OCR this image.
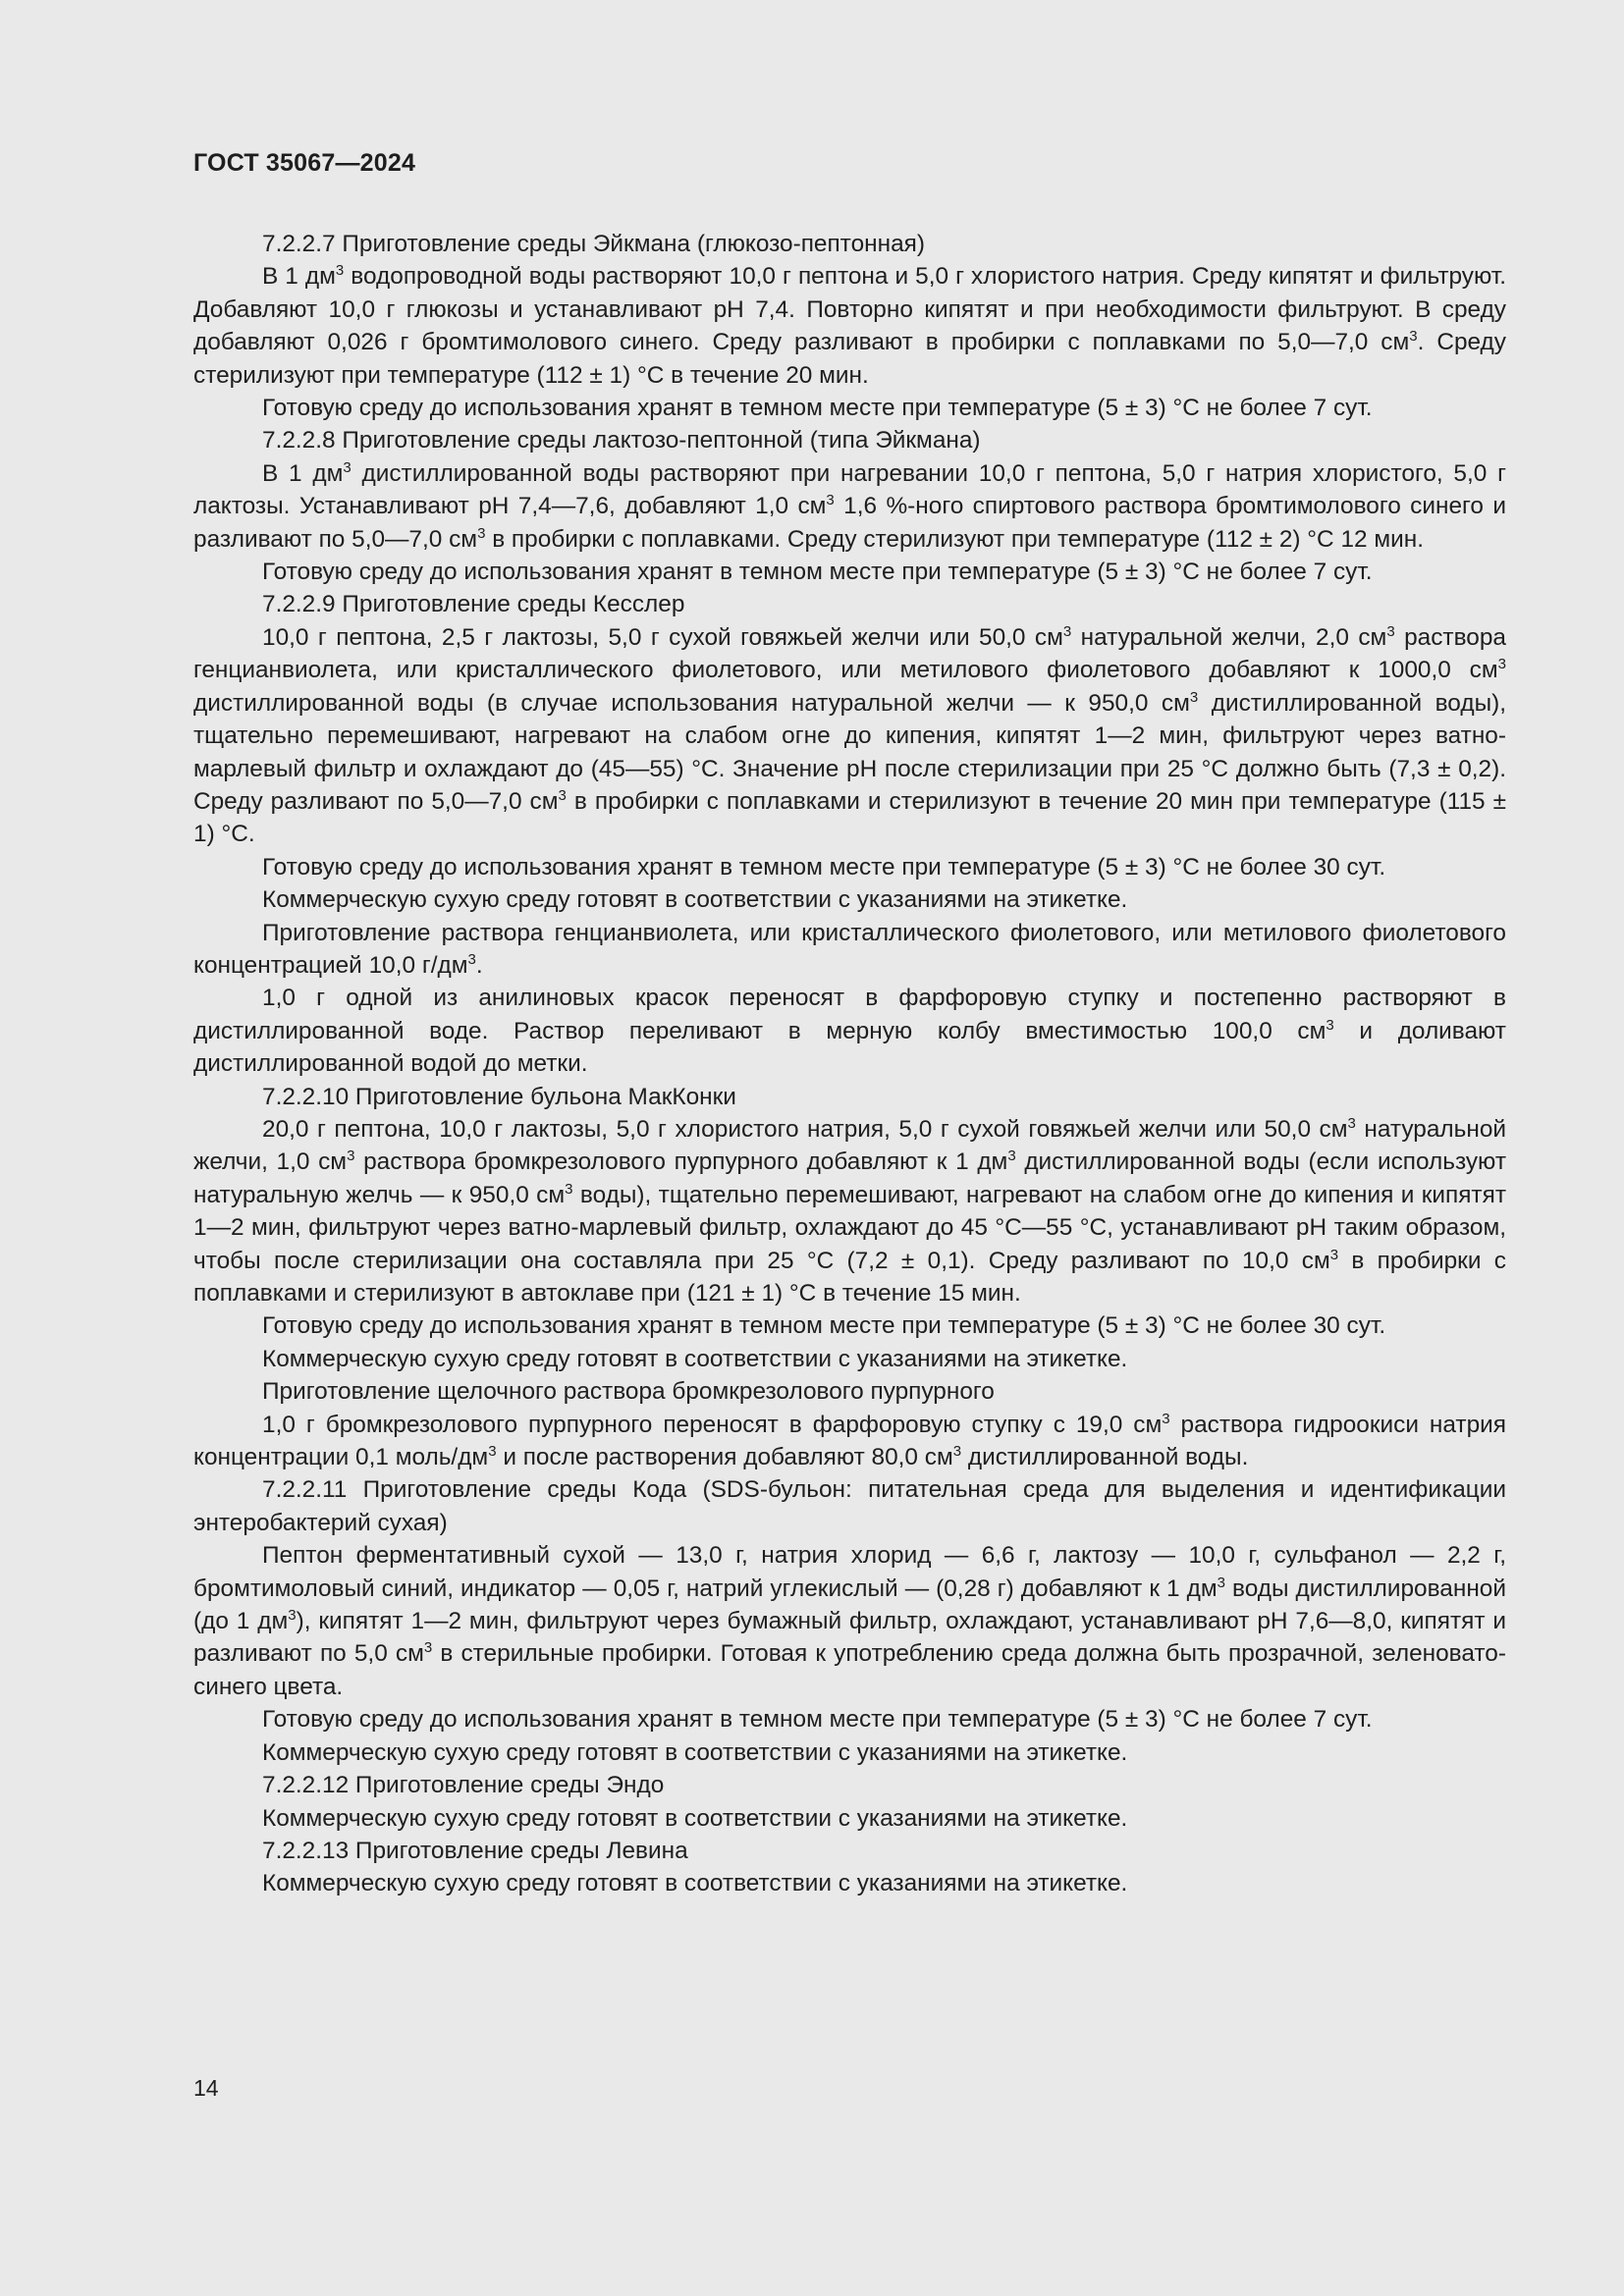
ГОСТ 35067—2024

7.2.2.7 Приготовление среды Эйкмана (глюкозо-пептонная)

В 1 $дм^3$ водопроводной воды растворяют 10,0 г пептона и 5,0 г хлористого натрия. Среду кипятят и фильтруют. Добавляют 10,0 г глюкозы и устанавливают рН 7,4. Повторно кипятят и при необходимости фильтруют. В среду добавляют 0,026 г бромтимолового синего. Среду разливают в пробирки с поплавками по 5,0—7,0 $см^3$. Среду стерилизуют при температуре (112 ± 1) °С в течение 20 мин.

Готовую среду до использования хранят в темном месте при температуре (5 ± 3) °С не более 7 сут.

7.2.2.8 Приготовление среды лактозо-пептонной (типа Эйкмана)

В 1 $дм^3$ дистиллированной воды растворяют при нагревании 10,0 г пептона, 5,0 г натрия хлористого, 5,0 г лактозы. Устанавливают рН 7,4—7,6, добавляют 1,0 $см^3$ 1,6 %-ного спиртового раствора бромтимолового синего и разливают по 5,0—7,0 $см^3$ в пробирки с поплавками. Среду стерилизуют при температуре (112 ± 2) °С 12 мин.

Готовую среду до использования хранят в темном месте при температуре (5 ± 3) °С не более 7 сут.

7.2.2.9 Приготовление среды Кесслер

10,0 г пептона, 2,5 г лактозы, 5,0 г сухой говяжьей желчи или 50,0 $см^3$ натуральной желчи, 2,0 $см^3$ раствора генцианвиолета, или кристаллического фиолетового, или метилового фиолетового добавляют к 1000,0 $см^3$ дистиллированной воды (в случае использования натуральной желчи — к 950,0 $см^3$ дистиллированной воды), тщательно перемешивают, нагревают на слабом огне до кипения, кипятят 1—2 мин, фильтруют через ватно-марлевый фильтр и охлаждают до (45—55) °С. Значение рН после стерилизации при 25 °С должно быть (7,3 ± 0,2). Среду разливают по 5,0—7,0 $см^3$ в пробирки с поплавками и стерилизуют в течение 20 мин при температуре (115 ± 1) °С.

Готовую среду до использования хранят в темном месте при температуре (5 ± 3) °С не более 30 сут.

Коммерческую сухую среду готовят в соответствии с указаниями на этикетке.

Приготовление раствора генцианвиолета, или кристаллического фиолетового, или метилового фиолетового концентрацией 10,0 $г/дм^3$.

1,0 г одной из анилиновых красок переносят в фарфоровую ступку и постепенно растворяют в дистиллированной воде. Раствор переливают в мерную колбу вместимостью 100,0 $см^3$ и доливают дистиллированной водой до метки.

7.2.2.10 Приготовление бульона МакКонки

20,0 г пептона, 10,0 г лактозы, 5,0 г хлористого натрия, 5,0 г сухой говяжьей желчи или 50,0 $см^3$ натуральной желчи, 1,0 $см^3$ раствора бромкрезолового пурпурного добавляют к 1 $дм^3$ дистиллированной воды (если используют натуральную желчь — к 950,0 $см^3$ воды), тщательно перемешивают, нагревают на слабом огне до кипения и кипятят 1—2 мин, фильтруют через ватно-марлевый фильтр, охлаждают до 45 °С—55 °С, устанавливают рН таким образом, чтобы после стерилизации она составляла при 25 °С (7,2 ± 0,1). Среду разливают по 10,0 $см^3$ в пробирки с поплавками и стерилизуют в автоклаве при (121 ± 1) °С в течение 15 мин.

Готовую среду до использования хранят в темном месте при температуре (5 ± 3) °С не более 30 сут.

Коммерческую сухую среду готовят в соответствии с указаниями на этикетке.

Приготовление щелочного раствора бромкрезолового пурпурного

1,0 г бромкрезолового пурпурного переносят в фарфоровую ступку с 19,0 $см^3$ раствора гидроокиси натрия концентрации 0,1 моль/$дм^3$ и после растворения добавляют 80,0 $см^3$ дистиллированной воды.

7.2.2.11 Приготовление среды Кода (SDS-бульон: питательная среда для выделения и идентификации энтеробактерий сухая)

Пептон ферментативный сухой — 13,0 г, натрия хлорид — 6,6 г, лактозу — 10,0 г, сульфанол — 2,2 г, бромтимоловый синий, индикатор — 0,05 г, натрий углекислый — (0,28 г) добавляют к 1 $дм^3$ воды дистиллированной (до 1 $дм^3$), кипятят 1—2 мин, фильтруют через бумажный фильтр, охлаждают, устанавливают рН 7,6—8,0, кипятят и разливают по 5,0 $см^3$ в стерильные пробирки. Готовая к употреблению среда должна быть прозрачной, зеленовато-синего цвета.

Готовую среду до использования хранят в темном месте при температуре (5 ± 3) °С не более 7 сут.

Коммерческую сухую среду готовят в соответствии с указаниями на этикетке.

7.2.2.12 Приготовление среды Эндо

Коммерческую сухую среду готовят в соответствии с указаниями на этикетке.

7.2.2.13 Приготовление среды Левина

Коммерческую сухую среду готовят в соответствии с указаниями на этикетке.

14
